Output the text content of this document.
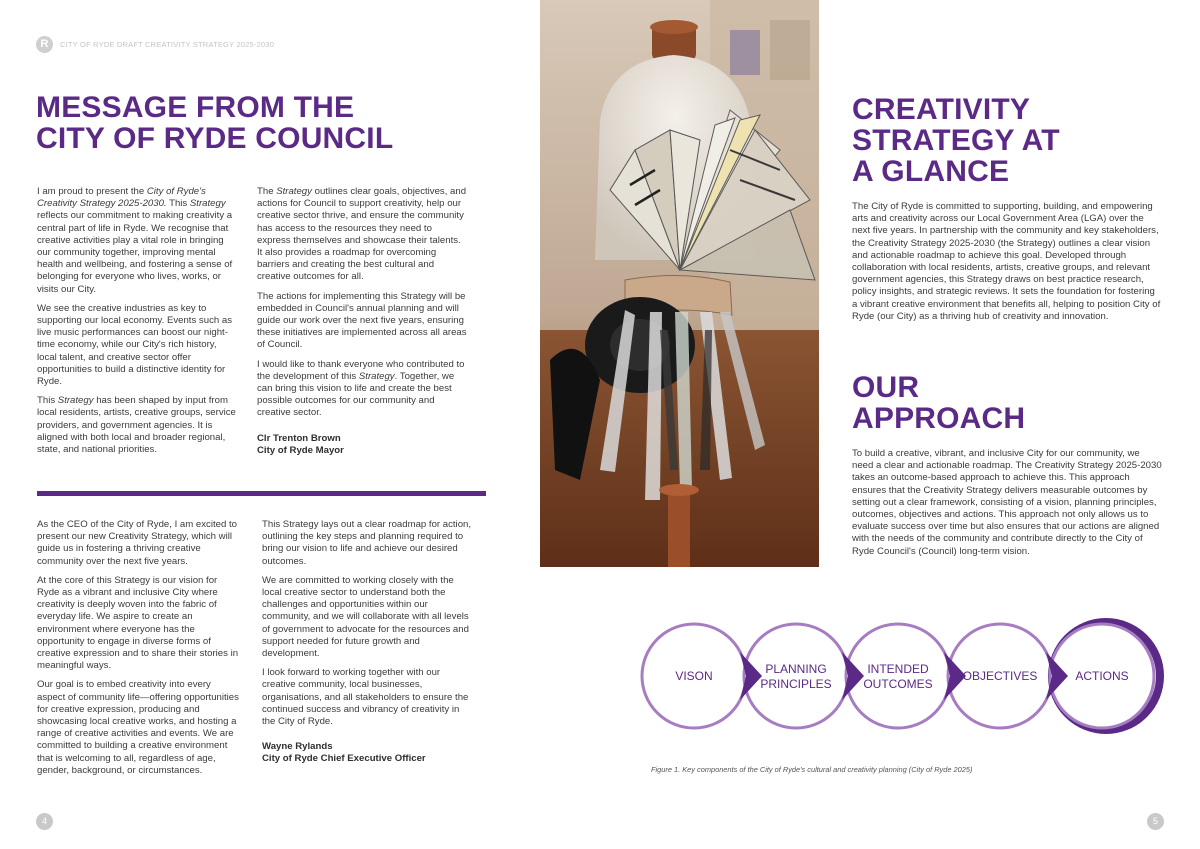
R	CITY OF RYDE DRAFT CREATIVITY STRATEGY 2025-2030
MESSAGE FROM THE
CITY OF RYDE COUNCIL

I am proud to present the City of Ryde's Creativity Strategy 2025-2030. This Strategy reflects our commitment to making creativity a central part of life in Ryde. We recognise that creative activities play a vital role in bringing our community together, improving mental health and wellbeing, and fostering a sense of belonging for everyone who lives, works, or visits our City.

We see the creative industries as key to supporting our local economy. Events such as live music performances can boost our night-time economy, while our City's rich history, local talent, and creative sector offer opportunities to build a distinctive identity for Ryde.

This Strategy has been shaped by input from local residents, artists, creative groups, service providers, and government agencies. It is aligned with both local and broader regional, state, and national priorities.

The Strategy outlines clear goals, objectives, and actions for Council to support creativity, help our creative sector thrive, and ensure the community has access to the resources they need to express themselves and showcase their talents. It also provides a roadmap for overcoming barriers and creating the best cultural and creative outcomes for all.

The actions for implementing this Strategy will be embedded in Council's annual planning and will guide our work over the next five years, ensuring these initiatives are implemented across all areas of Council.

I would like to thank everyone who contributed to the development of this Strategy. Together, we can bring this vision to life and create the best possible outcomes for our community and creative sector.

Clr Trenton Brown
City of Ryde Mayor

As the CEO of the City of Ryde, I am excited to present our new Creativity Strategy, which will guide us in fostering a thriving creative community over the next five years.

At the core of this Strategy is our vision for Ryde as a vibrant and inclusive City where creativity is deeply woven into the fabric of everyday life. We aspire to create an environment where everyone has the opportunity to engage in diverse forms of creative expression and to share their stories in meaningful ways.

Our goal is to embed creativity into every aspect of community life—offering opportunities for creative expression, producing and showcasing local creative works, and hosting a range of creative activities and events. We are committed to building a creative environment that is welcoming to all, regardless of age, gender, background, or circumstances.

This Strategy lays out a clear roadmap for action, outlining the key steps and planning required to bring our vision to life and achieve our desired outcomes.

We are committed to working closely with the local creative sector to understand both the challenges and opportunities within our community, and we will collaborate with all levels of government to advocate for the resources and support needed for future growth and development.

I look forward to working together with our creative community, local businesses, organisations, and all stakeholders to ensure the continued success and vibrancy of creativity in the City of Ryde.

Wayne Rylands
City of Ryde Chief Executive Officer
4
CREATIVITY
STRATEGY AT
A GLANCE

The City of Ryde is committed to supporting, building, and empowering arts and creativity across our Local Government Area (LGA) over the next five years. In partnership with the community and key stakeholders, the Creativity Strategy 2025-2030 (the Strategy) outlines a clear vision and actionable roadmap to achieve this goal. Developed through collaboration with local residents, artists, creative groups, and relevant government agencies, this Strategy draws on best practice research, policy insights, and strategic reviews. It sets the foundation for fostering a vibrant creative environment that benefits all, helping to position City of Ryde (our City) as a thriving hub of creativity and innovation.

OUR
APPROACH

To build a creative, vibrant, and inclusive City for our community, we need a clear and actionable roadmap. The Creativity Strategy 2025-2030 takes an outcome-based approach to achieve this. This approach ensures that the Creativity Strategy delivers measurable outcomes by setting out a clear framework, consisting of a vision, planning principles, outcomes, objectives and actions. This approach not only allows us to evaluate success over time but also ensures that our actions are aligned with the needs of the community and contribute directly to the City of Ryde Council's (Council) long-term vision.

VISON	PLANNING PRINCIPLES
INTENDED OUTCOMES
OBJECTIVES	ACTIONS
Figure 1. Key components of the City of Ryde's cultural and creativity planning (City of Ryde 2025)
5
